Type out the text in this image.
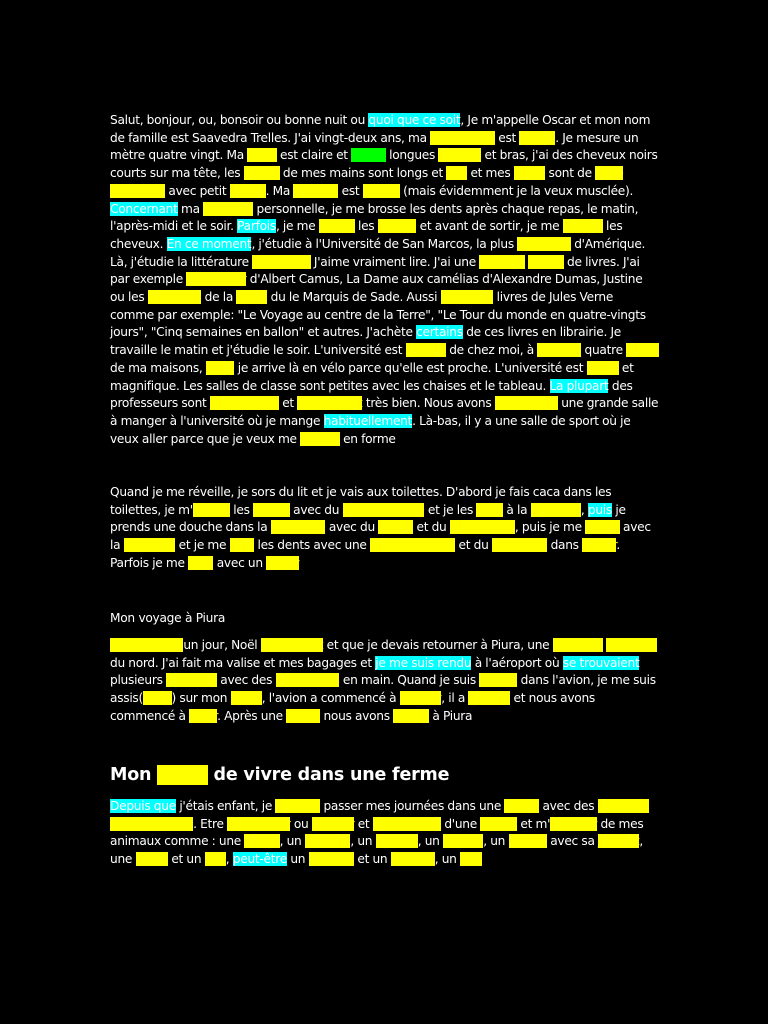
Salut, bonjour, ou, bonsoir ou bonne nuit ou quoi que ce soit, Je m'appelle Oscar et mon nom de famille est Saavedra Trelles. J'ai vingt-deux ans, ma corpulence est mince. Je mesure un mètre quatre vingt. Ma peau est claire et j'ai de longues jambes et bras, j'ai des cheveux noirs courts sur ma tête, les doigts de mes mains sont longs et fins et mes pieds sont de taille moyenne avec petit orteils. Ma poitrine est stabre (mais évidemment je la veux musclée). Concernant ma propreté personnelle, je me brosse les dents après chaque repas, le matin, l'après-midi et le soir. Parfois, je me coupe les ongles et avant de sortir, je me peigne les cheveux. En ce moment, j'étudie à l'Université de San Marcos, la plus ancienne d'Amérique. Là, j'étudie la littérature parce que J'aime vraiment lire. J'ai une étagère pleine de livres. J'ai par exemple L'étranger d'Albert Camus, La Dame aux camélias d'Alexandre Dumas, Justine ou les Malheurs de la vertu du le Marquis de Sade. Aussi plusieurs livres de Jules Verne comme par exemple: "Le Voyage au centre de la Terre", "Le Tour du monde en quatre-vingts jours", "Cinq semaines en ballon" et autres. J'achète certains de ces livres en librairie. Je travaille le matin et j'étudie le soir. L'université est proche de chez moi, à environ quatre pâtés de ma maisons, donc je arrive là en vélo parce qu'elle est proche. L'université est vaste et magnifique. Les salles de classe sont petites avec les chaises et le tableau. La plupart des professeurs sont formidables et enseignent très bien. Nous avons également une grande salle à manger à l'université où je mange habituellement. Là-bas, il y a une salle de sport où je veux aller parce que je veux me mettre en forme

Quand je me réveille, je sors du lit et je vais aux toilettes. D'abord je fais caca dans les toilettes, je m'essuie les fesses avec du papier toilette et je les jette à la poubelle, puis je prends une douche dans la baignoire avec du savon et du shampoing, puis je me sèche avec la serviette et je me lave les dents avec une brosse à dents et du dentifrice dans l'évier. Parfois je me rase avec un rasoir

Mon voyage à Piura

Il s'avère qu'un jour, Noël approchait et que je devais retourner à Piura, une province lointaine du nord. J'ai fait ma valise et mes bagages et je me suis rendu à l'aéroport où se trouvaient plusieurs touristes avec des passeports en main. Quand je suis monté dans l'avion, je me suis assis(assis) sur mon siège, l'avion a commencé à bouger, il a décollé et nous avons commencé à voler. Après une heure nous avons atterri à Piura

Mon désir de vivre dans une ferme

Depuis que j'étais enfant, je pensais passer mes journées dans une ferme avec des animaux de compagnie. Etre agriculteur ou fermier et propriétaire d'une étable et m'occuper de mes animaux comme : une vache, un taureau, un cochon, un canard, un cheval avec sa jument, une poule et un coq, peut-être un mouton et un agneau, un ane
